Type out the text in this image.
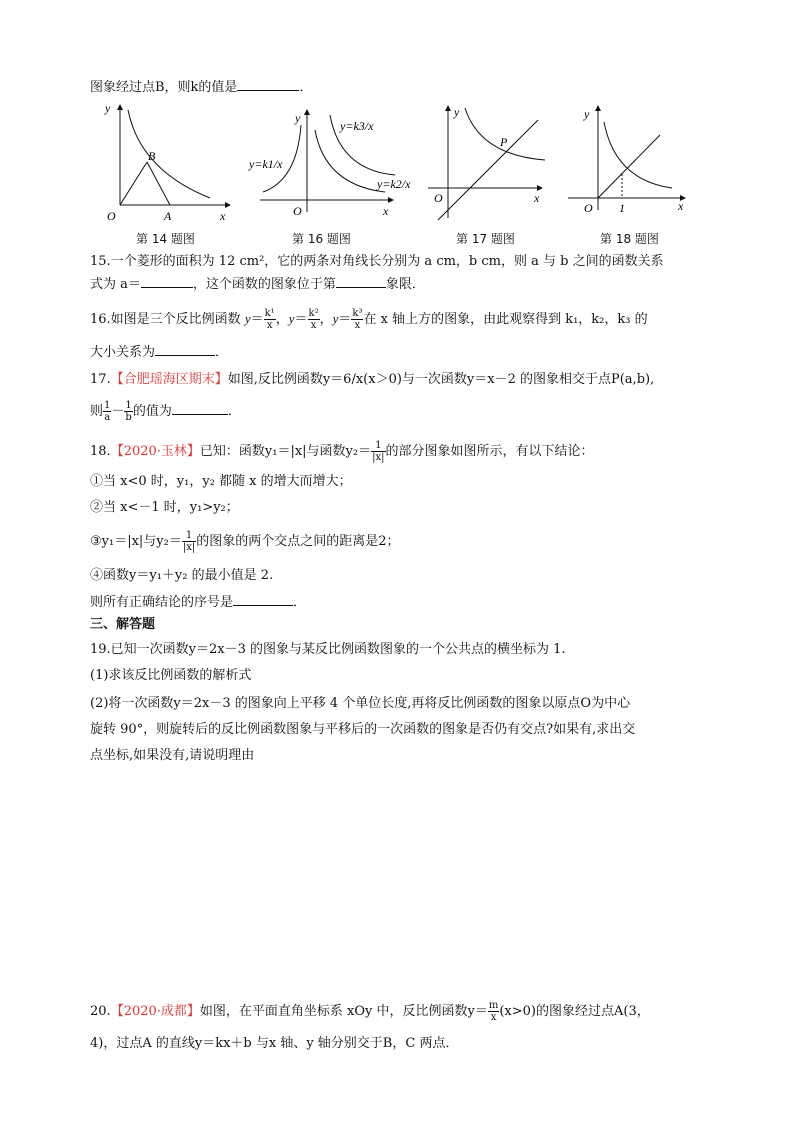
图象经过点B，则k的值是	．
y
x
O	A
B
第 14 题图
y
x
O
y=k1/x
y=k3/x
y=k2/x
第 16 题图
y
x
O
P
第 17 题图
y
x
O 1
第 18 题图
15.一个菱形的面积为 12 cm²，它的两条对角线长分别为 a cm，b cm，则 a 与 b 之间的函数关系
式为 a＝	，这个函数的图象位于第	象限．
16.如图是三个反比例函数 $y= \frac{\text{k¹}}{x}$ ，$y= \frac{\text{k²}}{x}$ ，$y= \frac{\text{k³}}{x}$ 在 x 轴上方的图象，由此观察得到 k₁，k₂，k₃ 的
大小关系为	．
17.【合肥瑶海区期末】如图,反比例函数y＝6/x(x＞0)与一次函数y＝x－2 的图象相交于点P(a,b),
则 $\frac{1}{a} - \frac{1}{b}$ 的值为	．
18.【2020·玉林】已知：函数y₁＝|x|与函数$y_2= \frac{1}{|x|}$ 的部分图象如图所示，有以下结论：
①当 x<0 时，y₁，y₂ 都随 x 的增大而增大；
②当 x<－1 时，y₁>y₂；
③y₁＝|x|与$y_2= \frac{1}{|x|}$ 的图象的两个交点之间的距离是2；
④函数y＝y₁＋y₂ 的最小值是 2.
则所有正确结论的序号是	．
三、解答题
19.已知一次函数y＝2x－3 的图象与某反比例函数图象的一个公共点的横坐标为 1.
(1)求该反比例函数的解析式
(2)将一次函数y＝2x－3 的图象向上平移 4 个单位长度,再将反比例函数的图象以原点O为中心
旋转 90°，则旋转后的反比例函数图象与平移后的一次函数的图象是否仍有交点?如果有,求出交
点坐标,如果没有,请说明理由
20.【2020·成都】如图，在平面直角坐标系 xOy 中，反比例函数$y= \frac{m}{x} (x>0)$的图象经过点A(3，
4)，过点A 的直线y＝kx＋b 与x 轴、y 轴分别交于B，C 两点．
